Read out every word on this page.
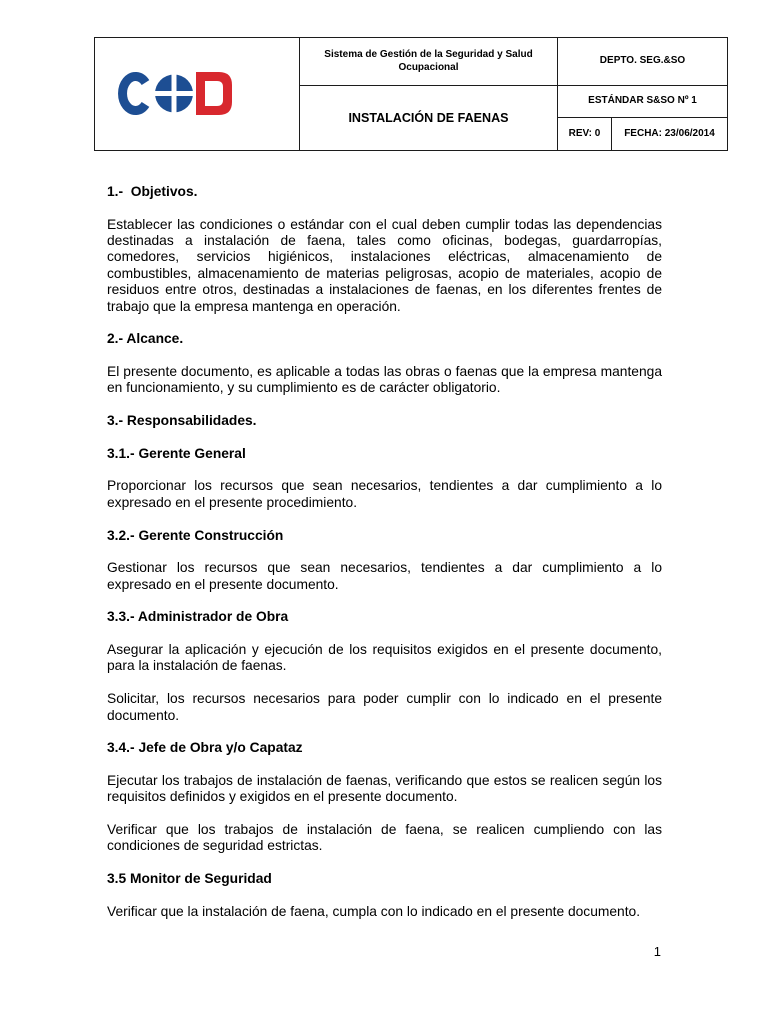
Sistema de Gestión de la Seguridad y Salud Ocupacional
INSTALACIÓN DE FAENAS
DEPTO. SEG.&SO
ESTÁNDAR S&SO Nº 1
REV: 0 FECHA: 23/06/2014
1.-  Objetivos.
Establecer las condiciones o estándar con el cual deben cumplir todas las dependencias destinadas a instalación de faena, tales como oficinas, bodegas, guardarropías, comedores, servicios higiénicos, instalaciones eléctricas, almacenamiento de combustibles, almacenamiento de materias peligrosas, acopio de materiales, acopio de residuos entre otros, destinadas a instalaciones de faenas, en los diferentes frentes de trabajo que la empresa mantenga en operación.
2.- Alcance.
El presente documento, es aplicable a todas las obras o faenas que la empresa mantenga en funcionamiento, y su cumplimiento es de carácter obligatorio.
3.- Responsabilidades.
3.1.- Gerente General
Proporcionar los recursos que sean necesarios, tendientes a dar cumplimiento a lo expresado en el presente procedimiento.
3.2.- Gerente Construcción
Gestionar los recursos que sean necesarios, tendientes a dar cumplimiento a lo expresado en el presente documento.
3.3.- Administrador de Obra
Asegurar la aplicación y ejecución de los requisitos exigidos en el presente documento, para la instalación de faenas.
Solicitar, los recursos necesarios para poder cumplir con lo indicado en el presente documento.
3.4.- Jefe de Obra y/o Capataz
Ejecutar los trabajos de instalación de faenas, verificando que estos se realicen según los requisitos definidos y exigidos en el presente documento.
Verificar que los trabajos de instalación de faena, se realicen cumpliendo con las condiciones de seguridad estrictas.
3.5 Monitor de Seguridad
Verificar que la instalación de faena, cumpla con lo indicado en el presente documento.
1
